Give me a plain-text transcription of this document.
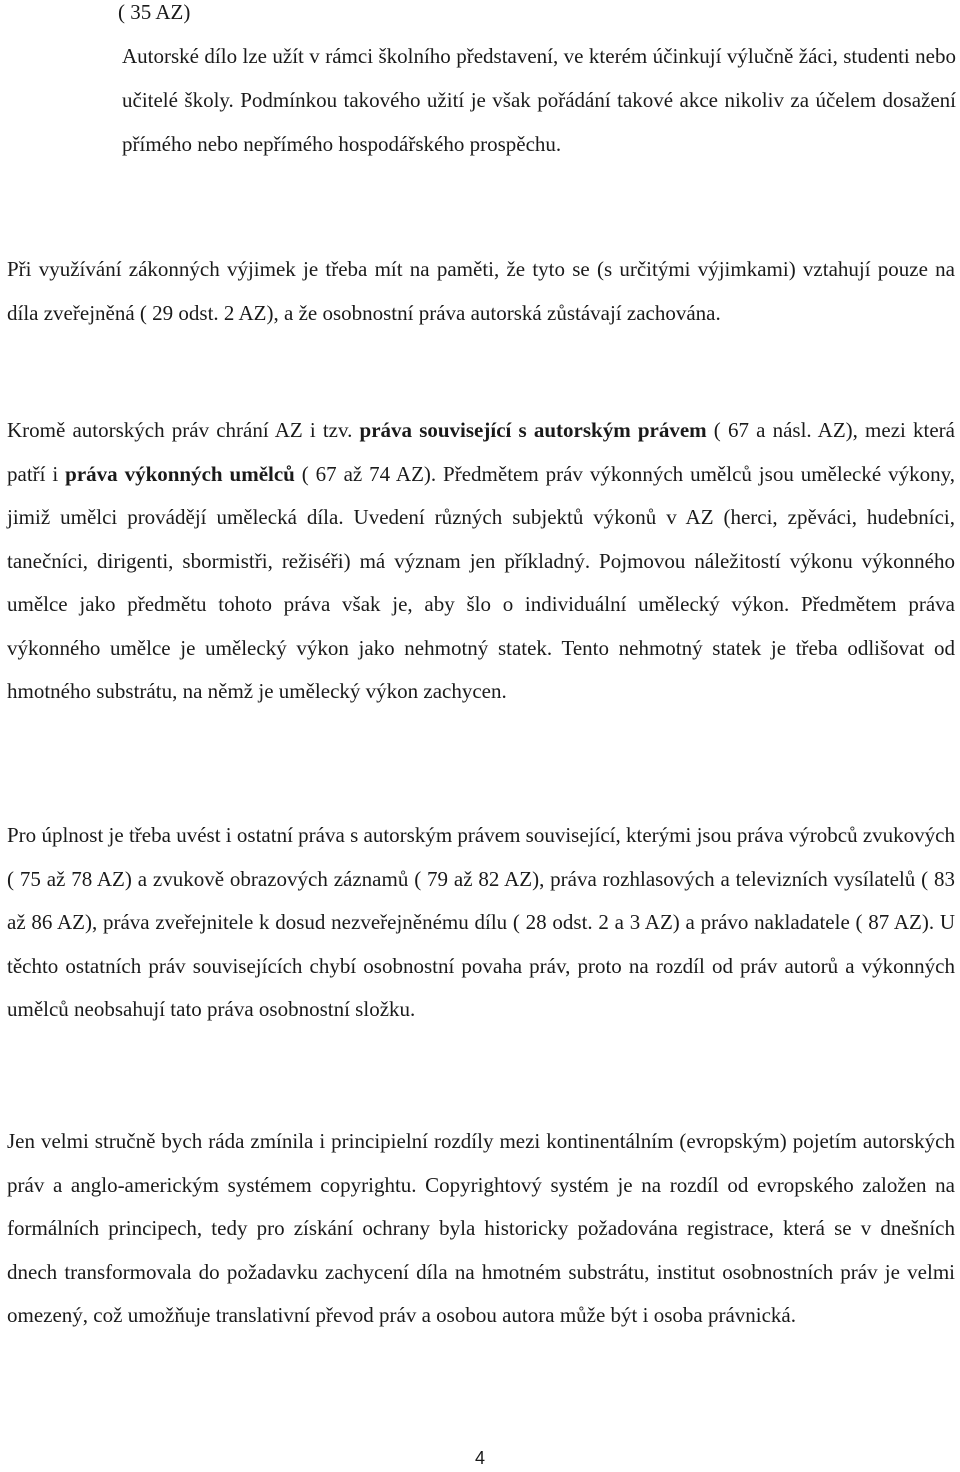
( 35 AZ)
Autorské dílo lze užít v rámci školního představení, ve kterém účinkují výlučně žáci, studenti nebo učitelé školy. Podmínkou takového užití je však pořádání takové akce nikoliv za účelem dosažení přímého nebo nepřímého hospodářského prospěchu.

Při využívání zákonných výjimek je třeba mít na paměti, že tyto se (s určitými výjimkami) vztahují pouze na díla zveřejněná ( 29 odst. 2 AZ), a že osobnostní práva autorská zůstávají zachována.

Kromě autorských práv chrání AZ i tzv. práva související s autorským právem ( 67 a násl. AZ), mezi která patří i práva výkonných umělců ( 67 až 74 AZ). Předmětem práv výkonných umělců jsou umělecké výkony, jimiž umělci provádějí umělecká díla. Uvedení různých subjektů výkonů v AZ (herci, zpěváci, hudebníci, tanečníci, dirigenti, sbormistři, režiséři) má význam jen příkladný. Pojmovou náležitostí výkonu výkonného umělce jako předmětu tohoto práva však je, aby šlo o individuální umělecký výkon. Předmětem práva výkonného umělce je umělecký výkon jako nehmotný statek. Tento nehmotný statek je třeba odlišovat od hmotného substrátu, na němž je umělecký výkon zachycen.

Pro úplnost je třeba uvést i ostatní práva s autorským právem související, kterými jsou práva výrobců zvukových ( 75 až 78 AZ) a zvukově obrazových záznamů ( 79 až 82 AZ), práva rozhlasových a televizních vysílatelů ( 83 až 86 AZ), práva zveřejnitele k dosud nezveřejněnému dílu ( 28 odst. 2 a 3 AZ) a právo nakladatele ( 87 AZ). U těchto ostatních práv souvisejících chybí osobnostní povaha práv, proto na rozdíl od práv autorů a výkonných umělců neobsahují tato práva osobnostní složku.

Jen velmi stručně bych ráda zmínila i principielní rozdíly mezi kontinentálním (evropským) pojetím autorských práv a anglo-americkým systémem copyrightu. Copyrightový systém je na rozdíl od evropského založen na formálních principech, tedy pro získání ochrany byla historicky požadována registrace, která se v dnešních dnech transformovala do požadavku zachycení díla na hmotném substrátu, institut osobnostních práv je velmi omezený, což umožňuje translativní převod práv a osobou autora může být i osoba právnická.

4
